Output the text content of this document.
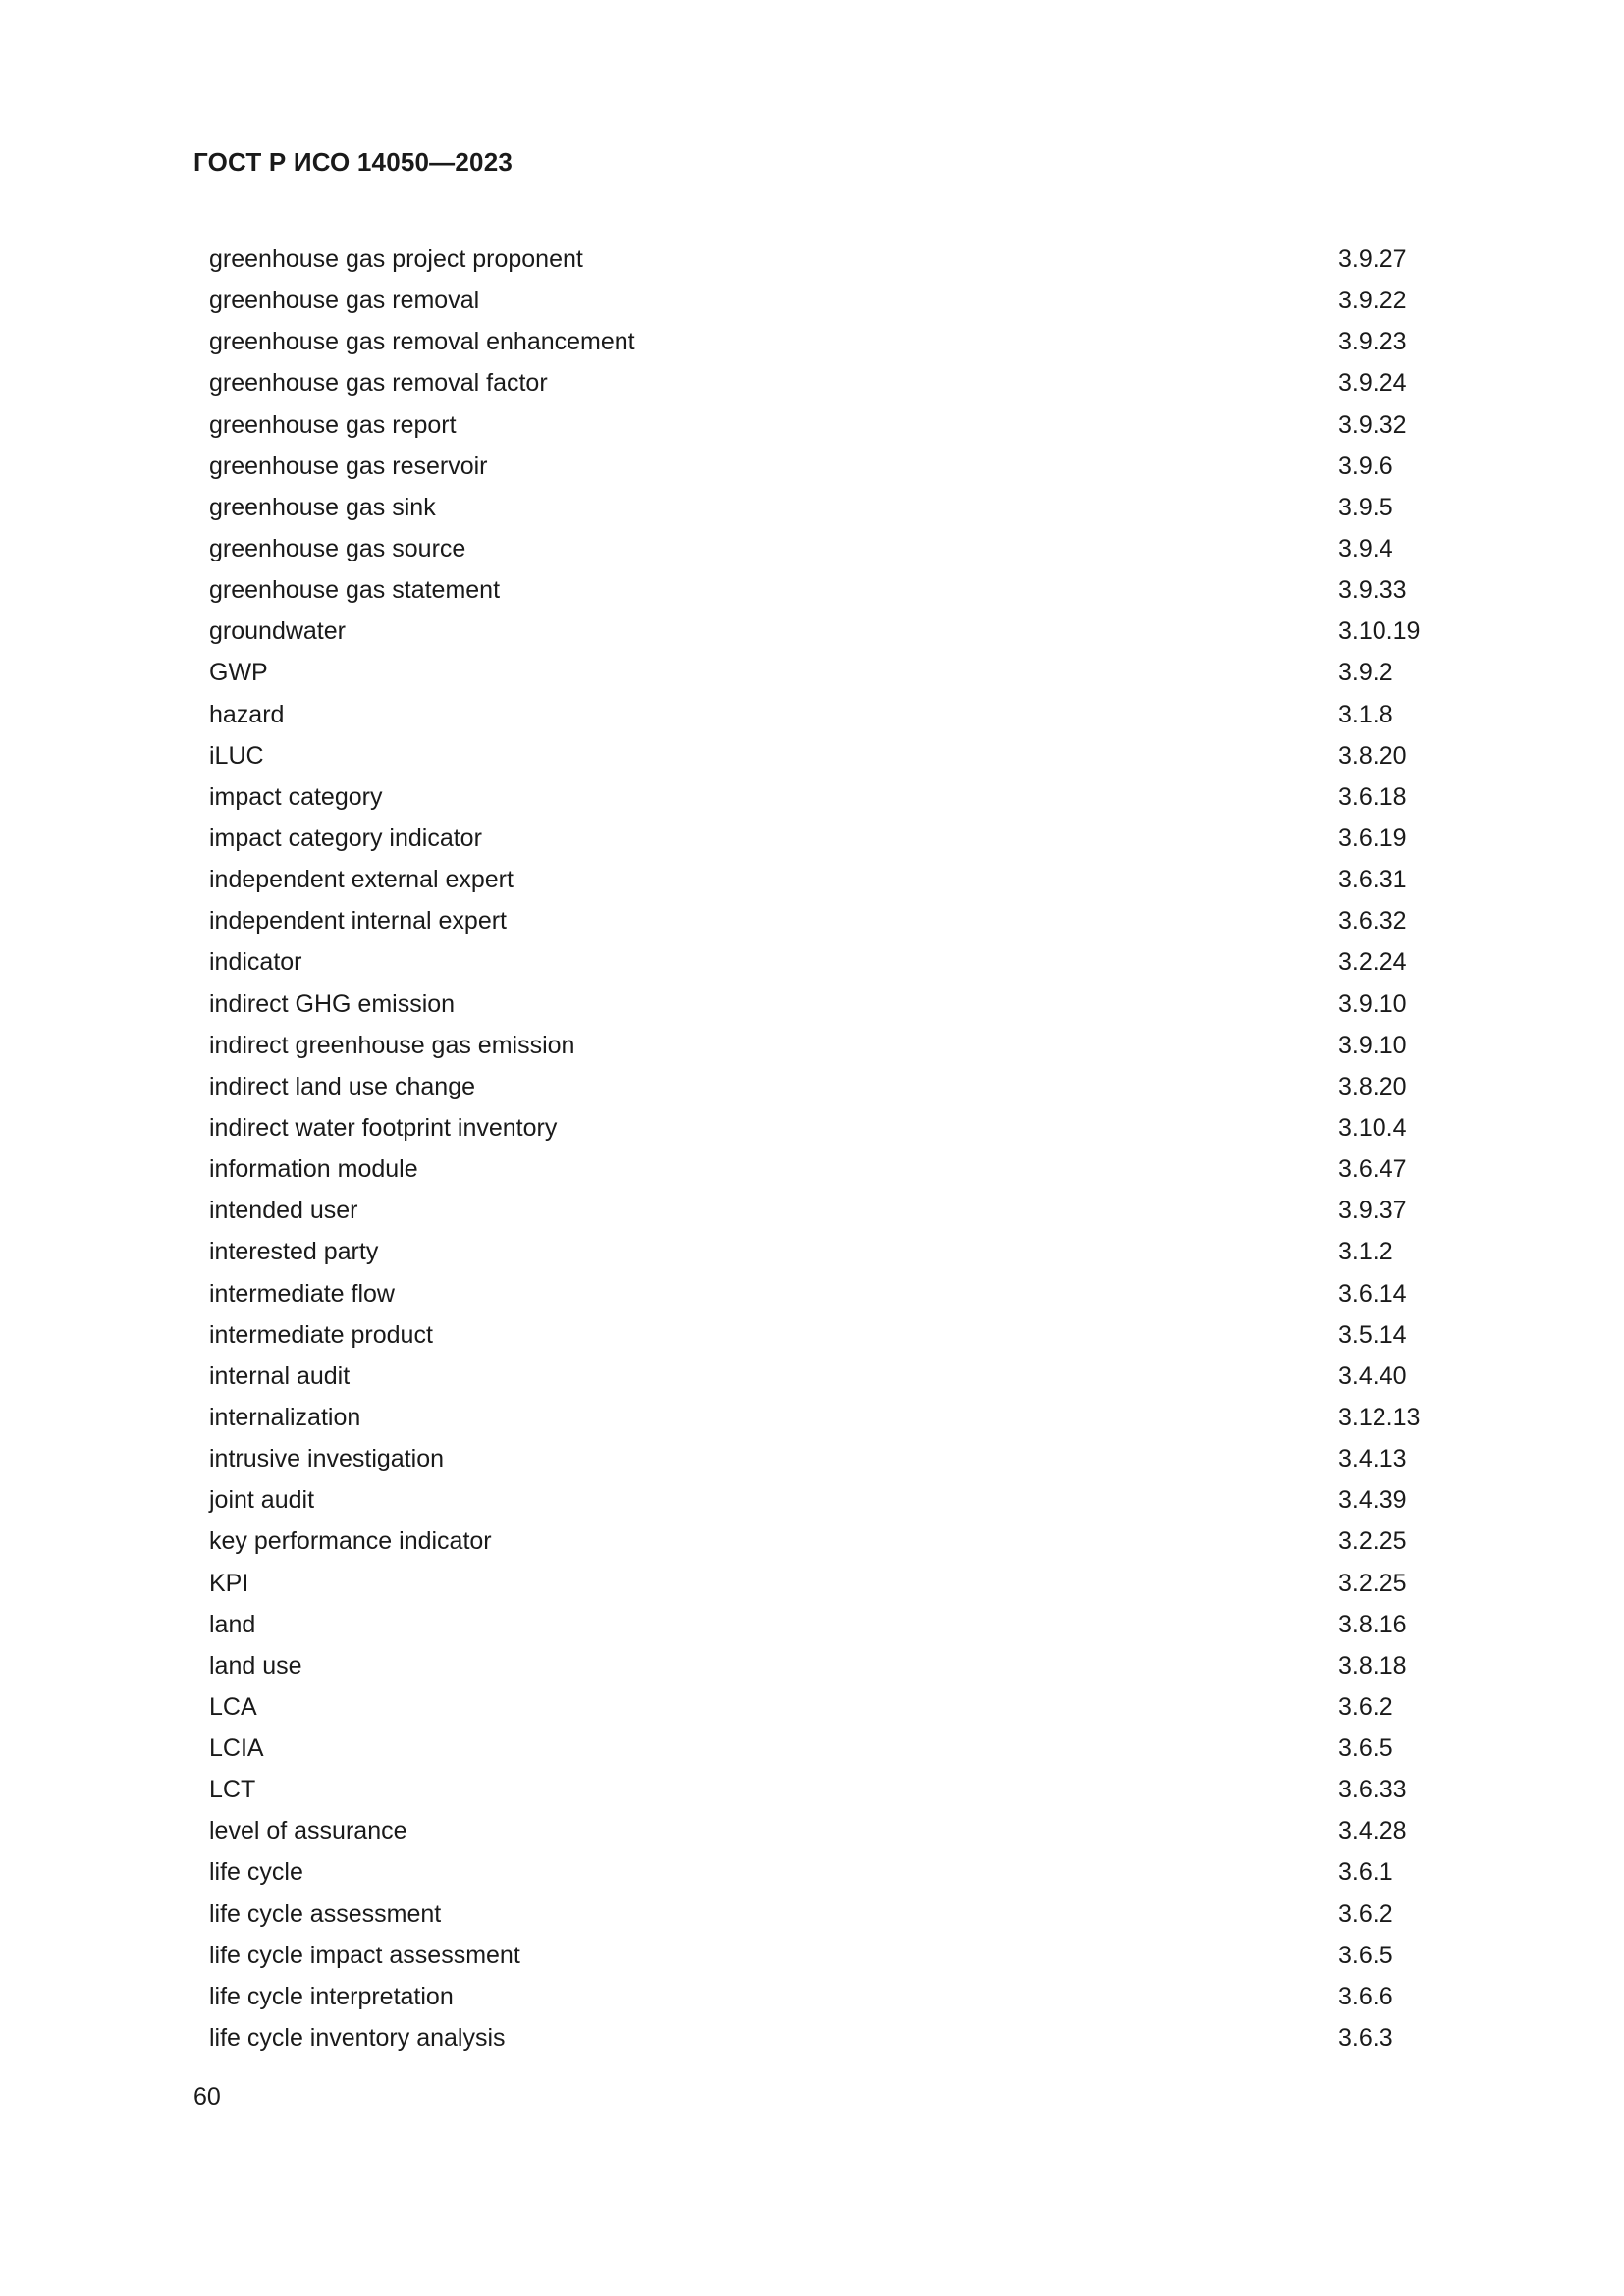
ГОСТ Р ИСО 14050—2023
greenhouse gas project proponent	3.9.27
greenhouse gas removal	3.9.22
greenhouse gas removal enhancement	3.9.23
greenhouse gas removal factor	3.9.24
greenhouse gas report	3.9.32
greenhouse gas reservoir	3.9.6
greenhouse gas sink	3.9.5
greenhouse gas source	3.9.4
greenhouse gas statement	3.9.33
groundwater	3.10.19
GWP	3.9.2
hazard	3.1.8
iLUC	3.8.20
impact category	3.6.18
impact category indicator	3.6.19
independent external expert	3.6.31
independent internal expert	3.6.32
indicator	3.2.24
indirect GHG emission	3.9.10
indirect greenhouse gas emission	3.9.10
indirect land use change	3.8.20
indirect water footprint inventory	3.10.4
information module	3.6.47
intended user	3.9.37
interested party	3.1.2
intermediate flow	3.6.14
intermediate product	3.5.14
internal audit	3.4.40
internalization	3.12.13
intrusive investigation	3.4.13
joint audit	3.4.39
key performance indicator	3.2.25
KPI	3.2.25
land	3.8.16
land use	3.8.18
LCA	3.6.2
LCIA	3.6.5
LCT	3.6.33
level of assurance	3.4.28
life cycle	3.6.1
life cycle assessment	3.6.2
life cycle impact assessment	3.6.5
life cycle interpretation	3.6.6
life cycle inventory analysis	3.6.3
60
